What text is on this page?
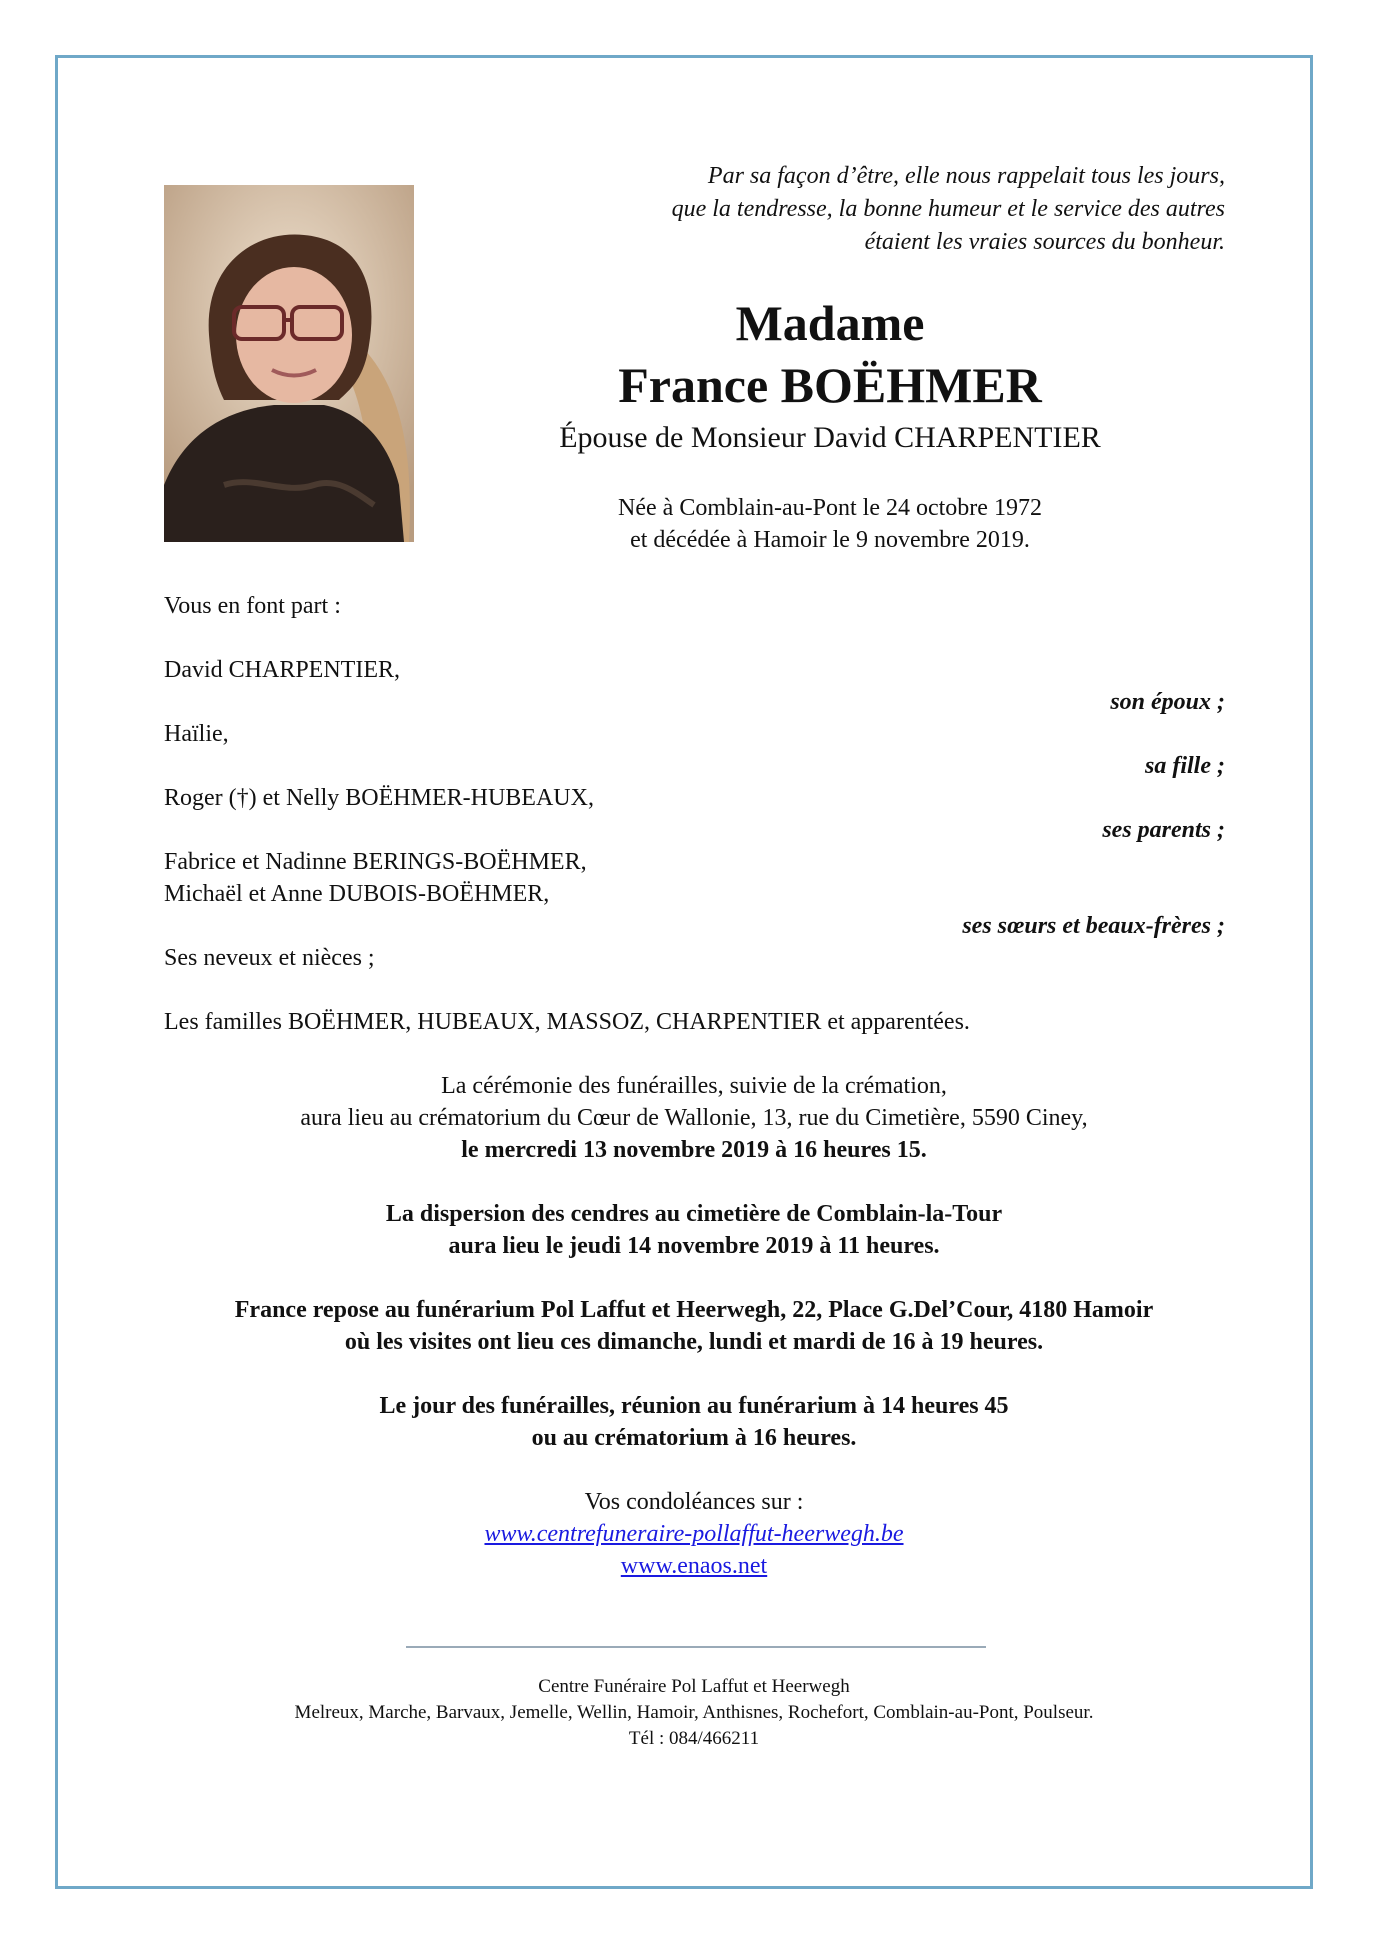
Par sa façon d’être, elle nous rappelait tous les jours,
que la tendresse, la bonne humeur et le service des autres
étaient les vraies sources du bonheur.
Madame
France BOËHMER
Épouse de Monsieur David CHARPENTIER
Née à Comblain-au-Pont le 24 octobre 1972
et décédée à Hamoir le 9 novembre 2019.
Vous en font part :
David CHARPENTIER,
son époux ;
Haïlie,
sa fille ;
Roger (†) et Nelly BOËHMER-HUBEAUX,
ses parents ;
Fabrice et Nadinne BERINGS-BOËHMER,
Michaël et Anne DUBOIS-BOËHMER,
ses sœurs et beaux-frères ;
Ses neveux et nièces ;
Les familles BOËHMER, HUBEAUX, MASSOZ, CHARPENTIER et apparentées.
La cérémonie des funérailles, suivie de la crémation,
aura lieu au crématorium du Cœur de Wallonie, 13, rue du Cimetière, 5590 Ciney,
le mercredi 13 novembre 2019 à 16 heures 15.
La dispersion des cendres au cimetière de Comblain-la-Tour
aura lieu le jeudi 14 novembre 2019 à 11 heures.
France repose au funérarium Pol Laffut et Heerwegh, 22, Place G.Del’Cour, 4180 Hamoir
où les visites ont lieu ces dimanche, lundi et mardi de 16 à 19 heures.
Le jour des funérailles, réunion au funérarium à 14 heures 45
ou au crématorium à 16 heures.
Vos condoléances sur :
www.centrefuneraire-pollaffut-heerwegh.be
www.enaos.net
Centre Funéraire Pol Laffut et Heerwegh
Melreux, Marche, Barvaux, Jemelle, Wellin, Hamoir, Anthisnes, Rochefort, Comblain-au-Pont, Poulseur.
Tél : 084/466211
